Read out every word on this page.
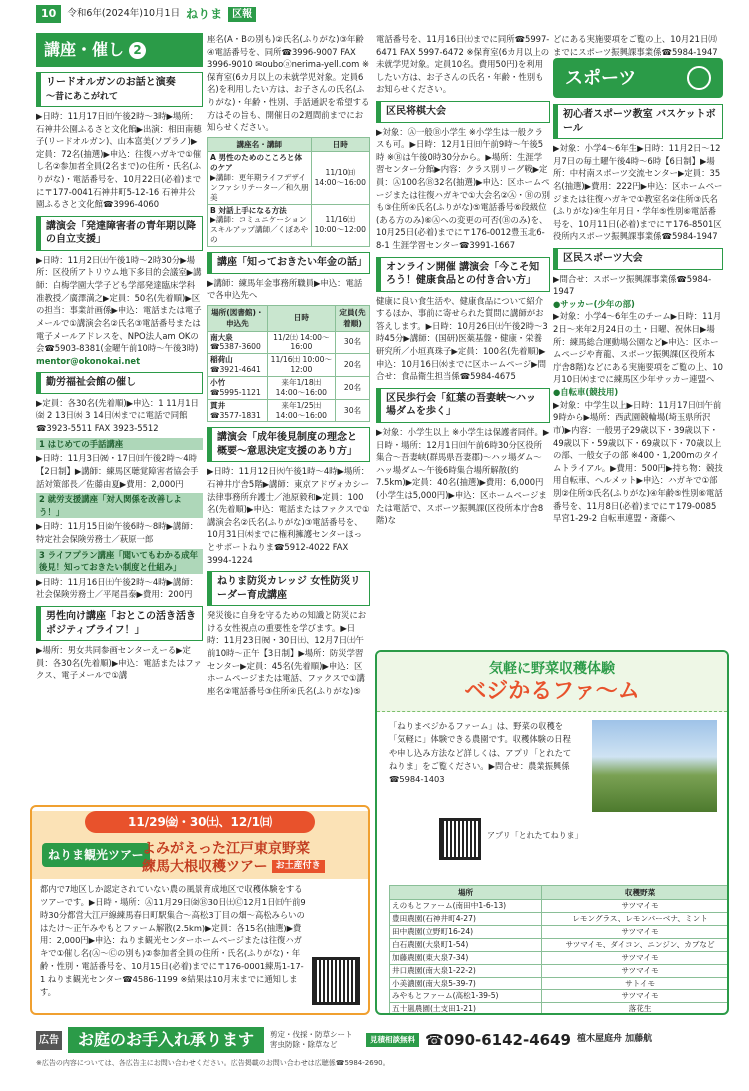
10	令和6年(2024年)10月1日 ねりま	区報
講座・催し 2
リードオルガンのお話と演奏
〜昔にあこがれて

▶日時：11月17日㈰午後2時〜3時▶場所：石神井公園ふるさと文化館▶出演：相田南穂子(リードオルガン)、山本富美(ソプラノ)▶定員：72名(抽選)▶申込：往復ハガキで①催し名②参加者全員(2名まで)の住所・氏名(ふりがな)・電話番号を、10月22日(必着)までに〒177-0041石神井町5-12-16 石神井公園ふるさと文化館☎3996-4060

講演会「発達障害者の青年期以降の自立支援」

▶日時：11月2日㈯午後1時〜2時30分▶場所：区役所アトリウム地下多目的会議室▶講師：白梅学園大学子ども学部発達臨床学科准教授／廣澤満之▶定員：50名(先着順)▶区の担当：事業計画係▶申込：電話または電子メールで①講演会名②氏名③電話番号または電子メールアドレスを、NPO法人am OKの会☎5903-8381(金曜午前10時〜午後3時)

mentor@okonokai.net

勤労福祉会館の催し

▶定員：各30名(先着順)▶申込：1 11月1日㈮ 2 13日㈬ 3 14日㈭までに電話で同館☎3923-5511 FAX 3923-5512

1 はじめての手話講座

▶日時：11月3日㈷・17日㈰午後2時〜4時【2日制】▶講師：練馬区聴覚障害者協会手話対策部長／佐藤由夏▶費用：2,000円

2 就労支援講座「対人関係を改善しよう！」

▶日時：11月15日㈮午後6時〜8時▶講師：特定社会保険労務士／萩原一郎

3 ライフプラン講座「聞いてもわかる成年後見！知っておきたい制度と仕組み」

▶日時：11月16日㈯午後2時〜4時▶講師：社会保険労務士／平尾昌泰▶費用：200円

男性向け講座「おとこの活き活きポジティブライフ！」

▶場所：男女共同参画センターえーる▶定員：各30名(先着順)▶申込：電話またはファクス、電子メールで①講

座名(A・Bの別も)②氏名(ふりがな)③年齢④電話番号を、同所☎3996-9007 FAX 3996-9010 ✉ouboⓐnerima-yell.com ※保育室(6カ月以上の未就学児対象。定員6名)を利用したい方は、お子さんの氏名(ふりがな)・年齢・性別、手話通訳を希望する方はその旨も、開催日の2週間前までにお知らせください。

講座名・講師	日時
A 男性のためのこころと体のケア
▶講師：更年期ライフデザインファシリテーター／和久朋美	11/10㈰ 14:00〜16:00
B 対話上手になる方法
▶講師：コミュニケーションスキルアップ講師／くぼあやの	11/16㈯ 10:00〜12:00
講座「知っておきたい年金の話」

▶講師：練馬年金事務所職員▶申込：電話で各申込先へ

場所(図書館)・申込先	日時	定員(先着順)
南大泉
☎5387-3600	11/2㈯ 14:00〜16:00	30名
稲荷山
☎3921-4641	11/16㈯ 10:00〜12:00	20名
小竹
☎5995-1121	来年1/18㈯ 14:00〜16:00	20名
貫井
☎3577-1831	来年1/25㈯ 14:00〜16:00	30名
講演会「成年後見制度の理念と概要〜意思決定支援のあり方」

▶日時：11月12日㈫午後1時〜4時▶場所：石神井庁舎5階▶講師：東京アドヴォカシー法律事務所弁護士／池原毅和▶定員：100名(先着順)▶申込：電話またはファクスで①講演会名②氏名(ふりがな)③電話番号を、10月31日㈭までに権利擁護センターほっとサポートねりま☎5912-4022 FAX 3994-1224

ねりま防災カレッジ 女性防災リーダー育成講座

発災後に自身を守るための知識と防災における女性視点の重要性を学びます。▶日時：11月23日㈷・30日㈯、12月7日㈯午前10時〜正午【3日制】▶場所：防災学習センター▶定員：45名(先着順)▶申込：区ホームページまたは電話、ファクスで①講座名②電話番号③住所④氏名(ふりがな)⑤

電話番号を、11月16日㈯までに同所☎5997-6471 FAX 5997-6472 ※保育室(6カ月以上の未就学児対象。定員10名。費用50円)を利用したい方は、お子さんの氏名・年齢・性別もお知らせください。

区民将棋大会

▶対象：Ⓐ一般Ⓑ小学生 ※小学生は一般クラスも可。▶日時：12月1日㈰午前9時〜午後5時 ※Ⓑは午後0時30分から。▶場所：生涯学習センター分館▶内容：クラス別リーグ戦▶定員：Ⓐ100名Ⓑ32名(抽選)▶申込：区ホームページまたは往復ハガキで①大会名②Ⓐ・Ⓑの別も③住所④氏名(ふりがな)⑤電話番号⑥段級位(ある方のみ)⑥Ⓐへの変更の可否(Ⓑのみ)を、10月25日(必着)までに〒176-0012豊玉北6-8-1 生涯学習センター☎3991-1667

オンライン開催 講演会「今こそ知ろう！健康食品との付き合い方」

健康に良い食生活や、健康食品について紹介するほか、事前に寄せられた質問に講師がお答えします。▶日時：10月26日㈯午後2時〜3時45分▶講師：(国研)医薬基盤・健康・栄養研究所／小垣真珠子▶定員：100名(先着順)▶申込：10月16日㈬までに区ホームページ▶問合せ：食品衛生担当係☎5984-4675

区民歩行会「紅葉の吾妻峡〜ハッ場ダムを歩く」

▶対象：小学生以上 ※小学生は保護者同伴。▶日時・場所：12月1日㈰午前6時30分区役所集合〜吾妻峡(群馬県吾妻郡)〜ハッ場ダム〜ハッ場ダム〜午後6時集合場所解散(約7.5km)▶定員：40名(抽選)▶費用：6,000円(小学生は5,000円)▶申込：区ホームページまたは電話で、スポーツ振興課(区役所本庁舎8階)な

どにある実施要項をご覧の上、10月21日㈪までにスポーツ振興課事業係☎5984-1947

スポーツ
初心者スポーツ教室 バスケットボール

▶対象：小学4〜6年生▶日時：11月2日〜12月7日の毎土曜午後4時〜6時【6日制】▶場所：中村南スポーツ交流センター▶定員：35名(抽選)▶費用：222円▶申込：区ホームページまたは往復ハガキで①教室名②住所③氏名(ふりがな)④生年月日・学年⑤性別⑥電話番号を、10月11日(必着)までに〒176-8501区役所内スポーツ振興課事業係☎5984-1947

区民スポーツ大会

▶問合せ：スポーツ振興課事業係☎5984-1947

●サッカー(少年の部)

▶対象：小学4〜6年生のチーム▶日時：11月2日〜来年2月24日の土・日曜、祝休日▶場所：練馬総合運動場公園など▶申込：区ホームページや育龍、スポーツ振興課(区役所本庁舎8階)などにある実施要項をご覧の上、10月10日㈭までに練馬区少年サッカー連盟へ

●自転車(競技用)

▶対象：中学生以上▶日時：11月17日㈰午前9時から▶場所：西武園競輪場(埼玉県所沢市)▶内容：一般男子29歳以下・39歳以下・49歳以下・59歳以下・69歳以下・70歳以上の部、一般女子の部 ※400・1,200mのタイムトライアル。▶費用：500円▶持ち物：競技用自転車、ヘルメット▶申込：ハガキで①部別②住所③氏名(ふりがな)④年齢⑤性別⑥電話番号を、11月8日(必着)までに〒179-0085早宮1-29-2 自転車連盟・斎藤へ

11/29㈮・30㈯、12/1㈰
ねりま観光ツアー
よみがえった江戸東京野菜
練馬大根収穫ツアー お土産付き
都内で7地区しか認定されていない農の風景育成地区で収穫体験をするツアーです。▶日時・場所：Ⓐ11月29日㈮Ⓑ30日㈯Ⓒ12月1日㈰午前9時30分都営大江戸線練馬春日町駅集合〜高松3丁目の畑〜高松みらいのはたけ〜正午みやもとファーム解散(2.5km)▶定員：各15名(抽選)▶費用：2,000円▶申込：ねりま観光センターホームページまたは往復ハガキで①催し名(Ⓐ〜Ⓒの別も)②参加者全員の住所・氏名(ふりがな)・年齢・性別・電話番号を、10月15日(必着)までに〒176-0001練馬1-17-1 ねりま観光センター☎4586-1199 ※結果は10月末までに通知します。
気軽に野菜収穫体験
ベジかるファ〜ム
「ねりまベジかるファーム」は、野菜の収穫を「気軽に」体験できる農園です。収穫体験の日程や申し込み方法など詳しくは、アプリ「とれたてねりま」をご覧ください。▶問合せ：農業振興係☎5984-1403
アプリ「とれたてねりま」
場所	収穫野菜
えのもとファーム(南田中1-6-13)	サツマイモ
豊田農園(石神井町4-27)	レモングラス、レモンバーベナ、ミント
田中農園(立野町16-24)	サツマイモ
白石農園(大泉町1-54)	サツマイモ、ダイコン、ニンジン、カブなど
加藤農園(東大泉7-34)	サツマイモ
井口農園(南大泉1-22-2)	サツマイモ
小美濃園(南大泉5-39-7)	サトイモ
みやもとファーム(高松1-39-5)	サツマイモ
五十嵐農園(土支田1-21)	落花生
広告	お庭のお手入れ承ります	剪定・伐採・防草シート 害虫防除・除草など
見積相談無料 ☎090-6142-4649 植木屋庭舟 加藤航
※広告の内容については、各広告主にお問い合わせください。広告掲載のお問い合わせは広聴係☎5984-2690。
